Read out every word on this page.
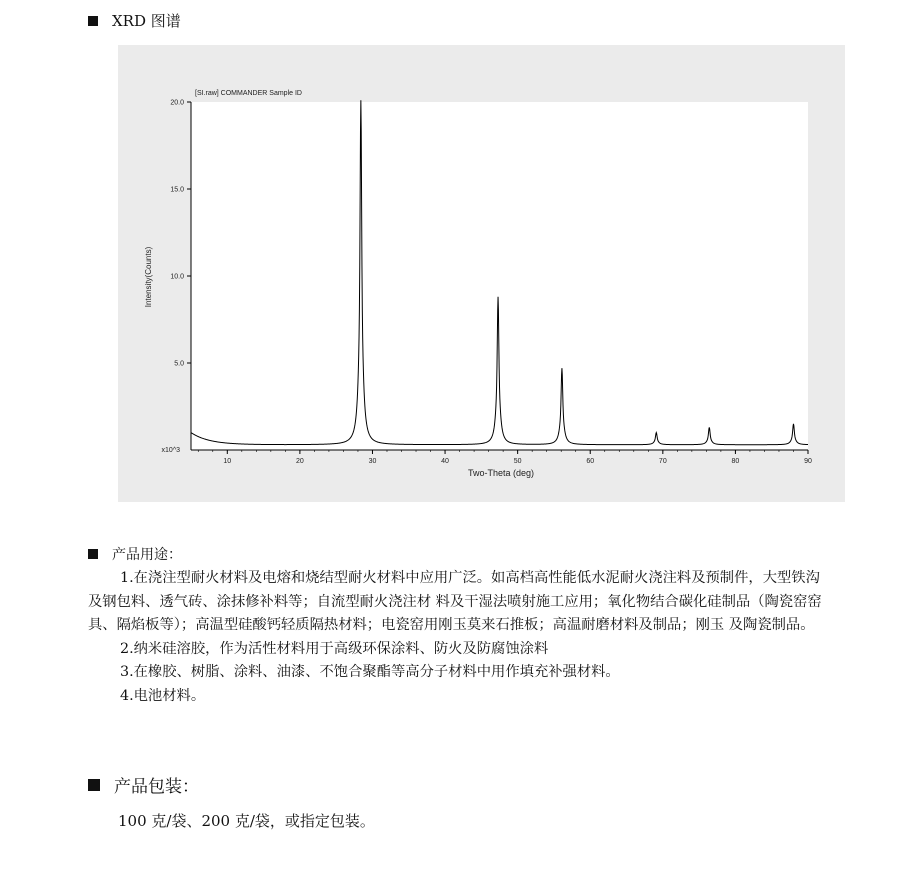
XRD 图谱
[SI.raw] COMMANDER Sample ID
10	20	30	40	50	60	70	80	90
5.0
10.0
15.0
20.0
x10^3
Two-Theta (deg)
Intensity(Counts)
产品用途：

1.在浇注型耐火材料及电熔和烧结型耐火材料中应用广泛。如高档高性能低水泥耐火浇注料及预制件，大型铁沟及钢包料、透气砖、涂抹修补料等；自流型耐火浇注材 料及干湿法喷射施工应用；氧化物结合碳化硅制品（陶瓷窑窑具、隔焰板等）；高温型硅酸钙轻质隔热材料；电瓷窑用刚玉莫来石推板；高温耐磨材料及制品；刚玉 及陶瓷制品。

2.纳米硅溶胶，作为活性材料用于高级环保涂料、防火及防腐蚀涂料

3.在橡胶、树脂、涂料、油漆、不饱合聚酯等高分子材料中用作填充补强材料。

4.电池材料。

产品包装：
100 克/袋、200 克/袋，或指定包装。
